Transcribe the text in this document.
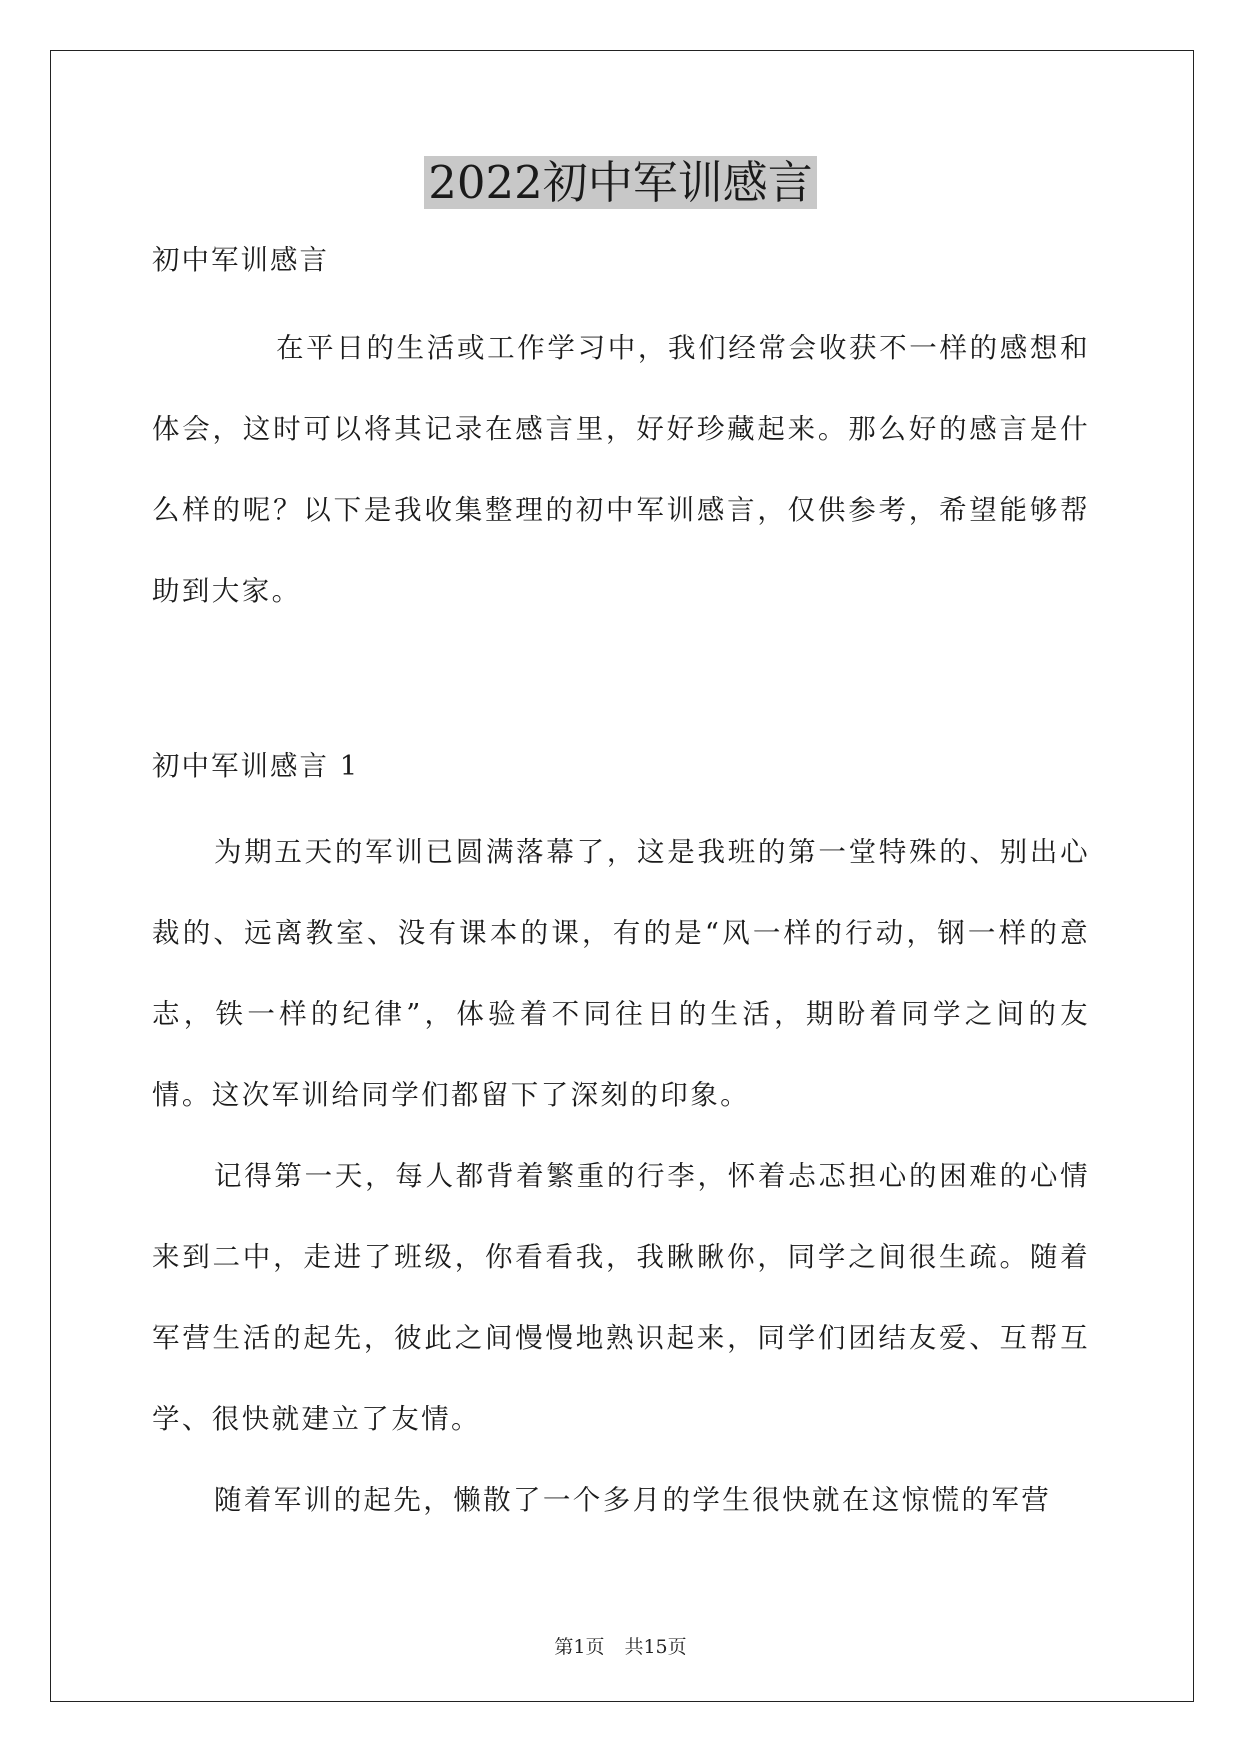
2022初中军训感言

初中军训感言

在平日的生活或工作学习中，我们经常会收获不一样的感想和体会，这时可以将其记录在感言里，好好珍藏起来。那么好的感言是什么样的呢？以下是我收集整理的初中军训感言，仅供参考，希望能够帮助到大家。

初中军训感言 1

为期五天的军训已圆满落幕了，这是我班的第一堂特殊的、别出心裁的、远离教室、没有课本的课，有的是“风一样的行动，钢一样的意志，铁一样的纪律”，体验着不同往日的生活，期盼着同学之间的友情。这次军训给同学们都留下了深刻的印象。

记得第一天，每人都背着繁重的行李，怀着忐忑担心的困难的心情来到二中，走进了班级，你看看我，我瞅瞅你，同学之间很生疏。随着军营生活的起先，彼此之间慢慢地熟识起来，同学们团结友爱、互帮互学、很快就建立了友情。

随着军训的起先，懒散了一个多月的学生很快就在这惊慌的军营

第1页 共15页
